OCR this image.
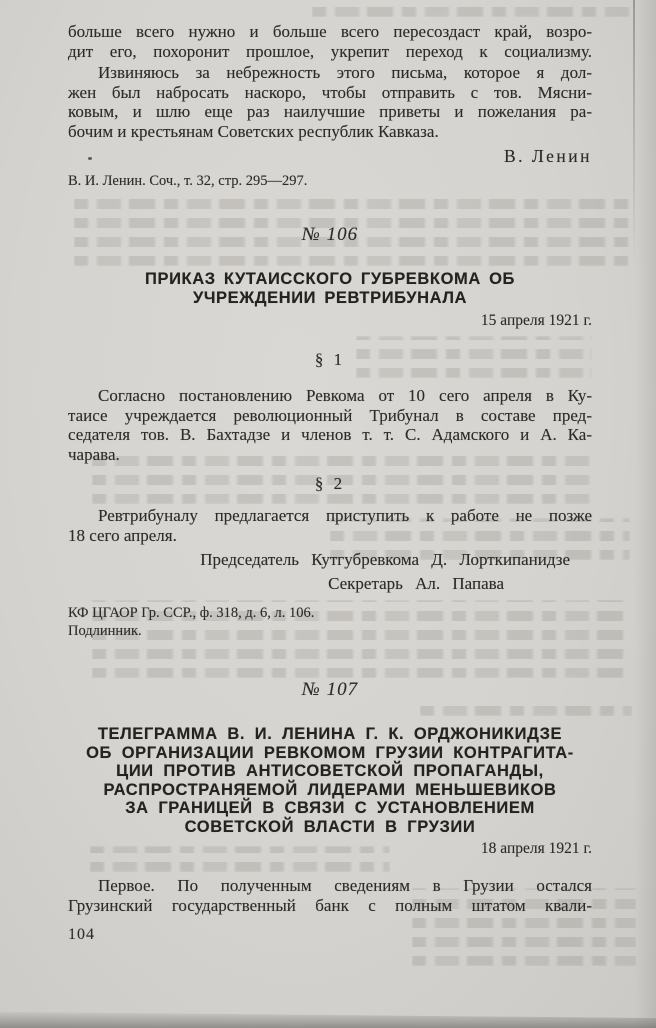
больше всего нужно и больше всего пересоздаст край, возро-
дит его, похоронит прошлое, укрепит переход к социализму.
Извиняюсь за небрежность этого письма, которое я дол-
жен был набросать наскоро, чтобы отправить с тов. Мясни-
ковым, и шлю еще раз наилучшие приветы и пожелания ра-
бочим и крестьянам Советских республик Кавказа.
В. Ленин
В. И. Ленин. Соч., т. 32, стр. 295—297.
№ 106
ПРИКАЗ КУТАИССКОГО ГУБРЕВКОМА ОБ
УЧРЕЖДЕНИИ РЕВТРИБУНАЛА
15 апреля 1921 г.
§ 1
Согласно постановлению Ревкома от 10 сего апреля в Ку-
таисе учреждается революционный Трибунал в составе пред-
седателя тов. В. Бахтадзе и членов т. т. С. Адамского и А. Ка-
чарава.
§ 2
Ревтрибуналу предлагается приступить к работе не позже
18 сего апреля.
Председатель Кутгубревкома Д. Лорткипанидзе
Секретарь Ал. Папава
КФ ЦГАОР Гр. ССР., ф. 318, д. 6, л. 106.
Подлинник.
№ 107
ТЕЛЕГРАММА В. И. ЛЕНИНА Г. К. ОРДЖОНИКИДЗЕ
ОБ ОРГАНИЗАЦИИ РЕВКОМОМ ГРУЗИИ КОНТРАГИТА-
ЦИИ ПРОТИВ АНТИСОВЕТСКОЙ ПРОПАГАНДЫ,
РАСПРОСТРАНЯЕМОЙ ЛИДЕРАМИ МЕНЬШЕВИКОВ
ЗА ГРАНИЦЕЙ В СВЯЗИ С УСТАНОВЛЕНИЕМ
СОВЕТСКОЙ ВЛАСТИ В ГРУЗИИ
18 апреля 1921 г.
Первое. По полученным сведениям в Грузии остался
Грузинский государственный банк с полным штатом квали-
104
